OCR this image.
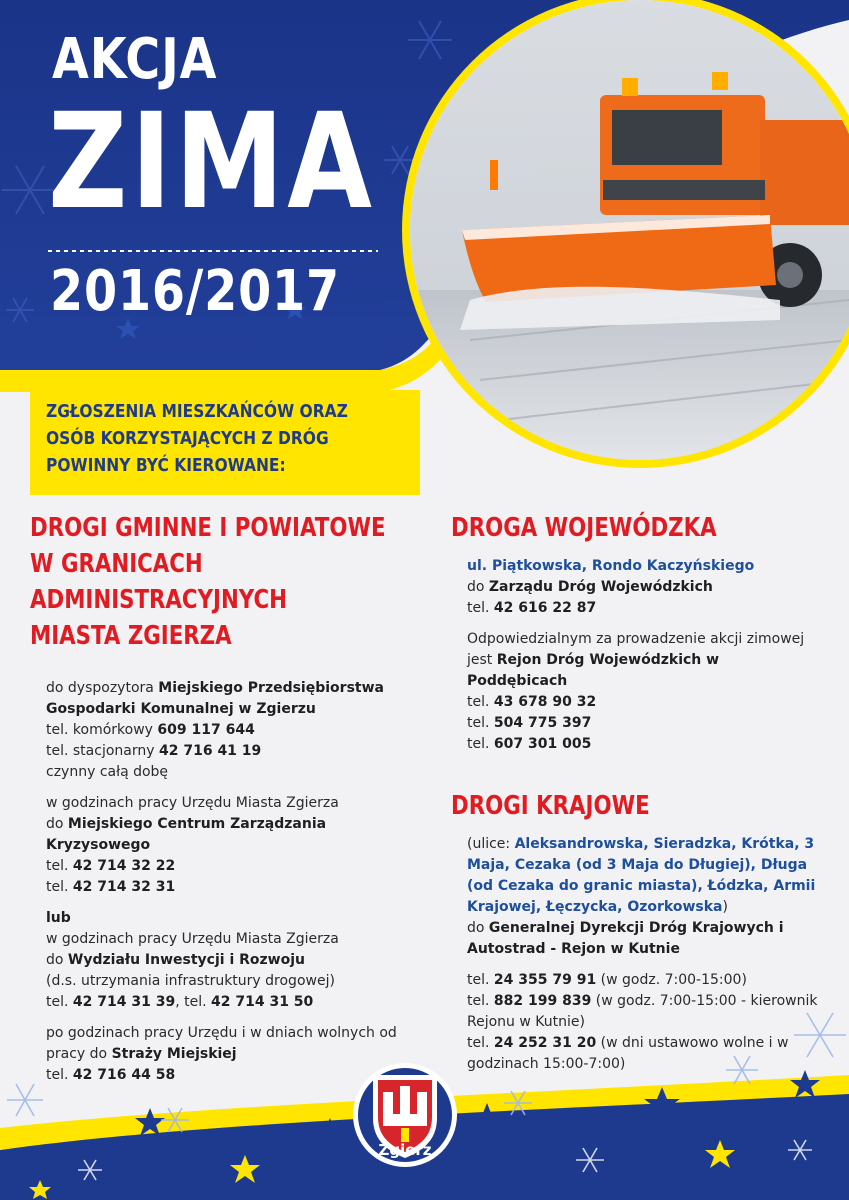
AKCJA
ZIMA
2016/2017
ZGŁOSZENIA MIESZKAŃCÓW ORAZ OSÓB KORZYSTAJĄCYCH Z DRÓG POWINNY BYĆ KIEROWANE:
DROGI GMINNE I POWIATOWE
W GRANICACH
ADMINISTRACYJNYCH
MIASTA ZGIERZA
do dyspozytora Miejskiego Przedsiębiorstwa Gospodarki Komunalnej w Zgierzu
tel. komórkowy 609 117 644
tel. stacjonarny 42 716 41 19
czynny całą dobę
w godzinach pracy Urzędu Miasta Zgierza
do Miejskiego Centrum Zarządzania Kryzysowego
tel. 42 714 32 22
tel. 42 714 32 31
lub
w godzinach pracy Urzędu Miasta Zgierza
do Wydziału Inwestycji i Rozwoju
(d.s. utrzymania infrastruktury drogowej)
tel. 42 714 31 39, tel. 42 714 31 50
po godzinach pracy Urzędu i w dniach wolnych od pracy do Straży Miejskiej
tel. 42 716 44 58
DROGA WOJEWÓDZKA
ul. Piątkowska, Rondo Kaczyńskiego
do Zarządu Dróg Wojewódzkich
tel. 42 616 22 87
Odpowiedzialnym za prowadzenie akcji zimowej jest Rejon Dróg Wojewódzkich w Poddębicach
tel. 43 678 90 32
tel. 504 775 397
tel. 607 301 005
DROGI KRAJOWE
(ulice: Aleksandrowska, Sieradzka, Krótka, 3 Maja, Cezaka (od 3 Maja do Długiej), Długa (od Cezaka do granic miasta), Łódzka, Armii Krajowej, Łęczycka, Ozorkowska)
do Generalnej Dyrekcji Dróg Krajowych i Autostrad - Rejon w Kutnie
tel. 24 355 79 91 (w godz. 7:00-15:00)
tel. 882 199 839 (w godz. 7:00-15:00 - kierownik Rejonu w Kutnie)
tel. 24 252 31 20 (w dni ustawowo wolne i w godzinach 15:00-7:00)
Zgierz
